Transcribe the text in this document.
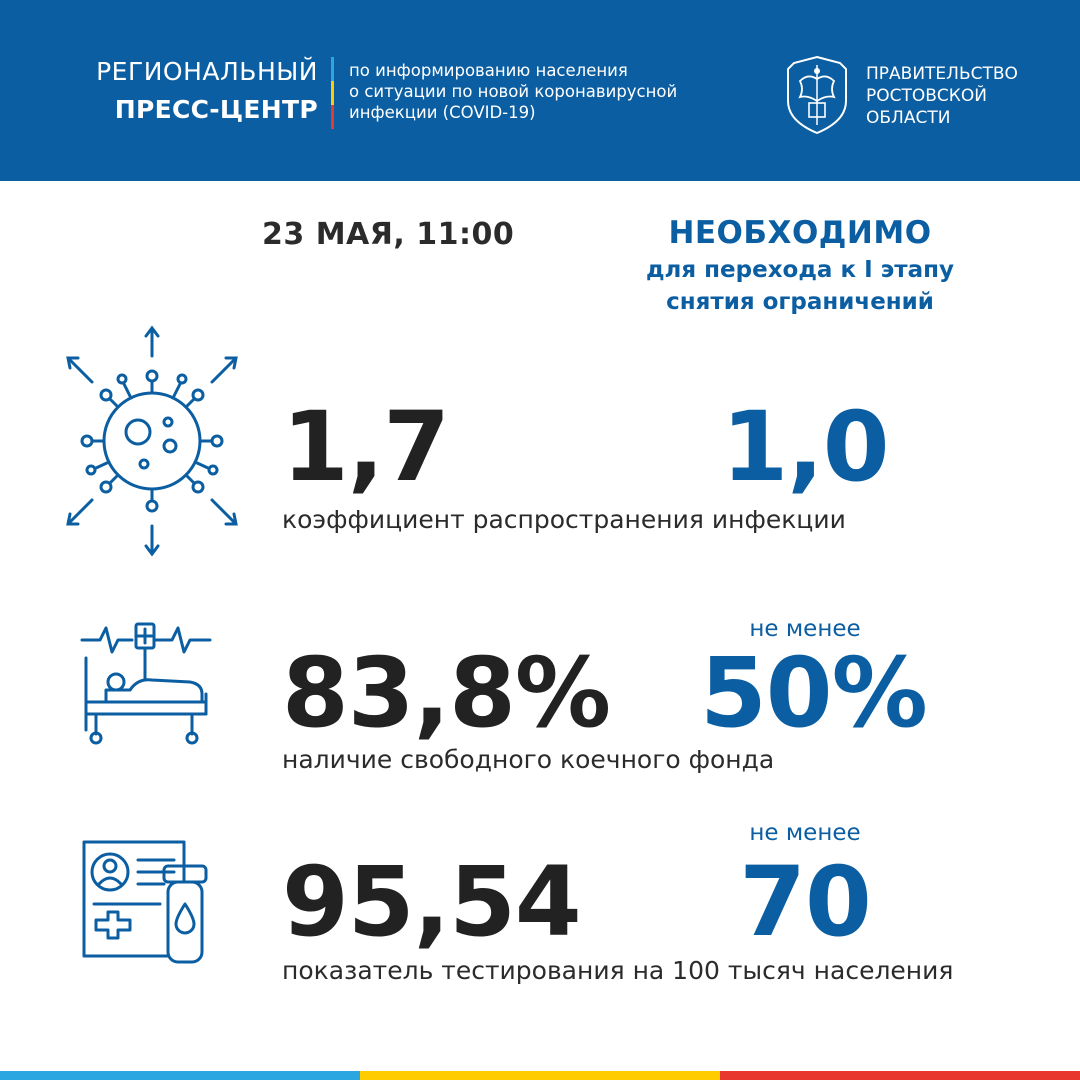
РЕГИОНАЛЬНЫЙ
ПРЕСС-ЦЕНТР
по информированию населения
о ситуации по новой коронавирусной
инфекции (COVID-19)
ПРАВИТЕЛЬСТВО
РОСТОВСКОЙ
ОБЛАСТИ
23 МАЯ, 11:00	НЕОБХОДИМО
для перехода к I этапу
снятия ограничений
1,7	1,0
коэффициент распространения инфекции
не менее
83,8% 50%
наличие свободного коечного фонда
не менее
95,54	70
показатель тестирования на 100 тысяч населения
